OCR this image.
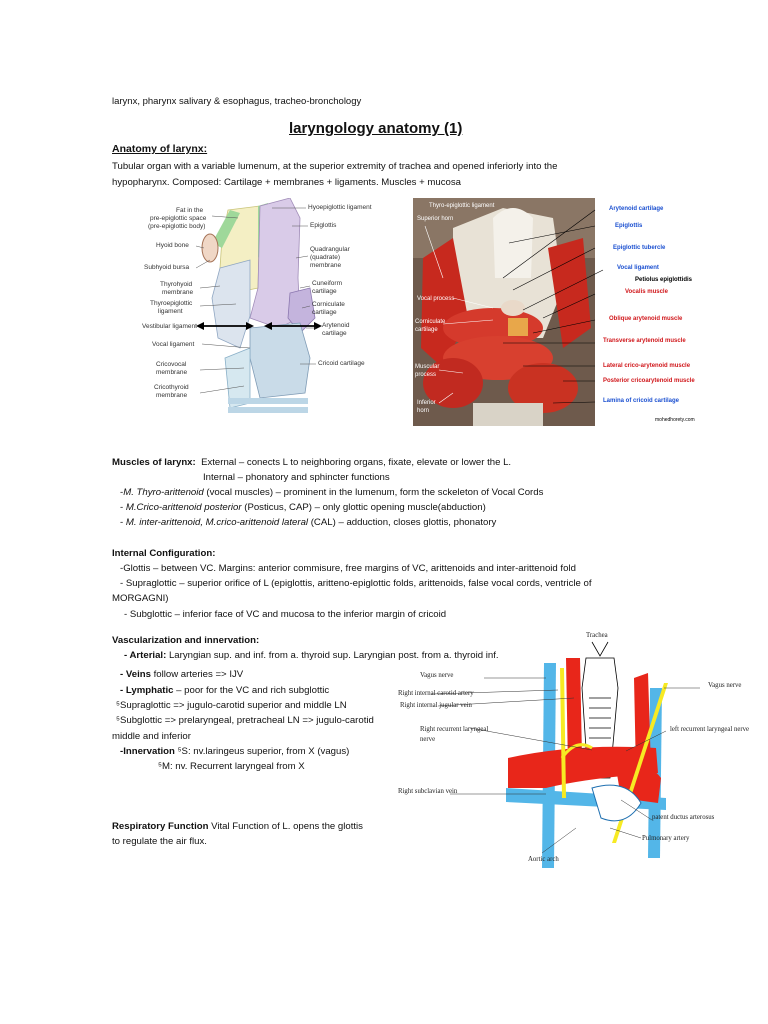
larynx, pharynx salivary & esophagus, tracheo-bronchology
laryngology anatomy (1)
Anatomy of larynx:
Tubular organ with a variable lumenum, at the superior extremity of trachea and opened inferiorly into the
hypopharynx. Composed: Cartilage + membranes + ligaments. Muscles + mucosa
Fat in the
pre-epiglottic space
(pre-epiglottic body)
Hyoid bone
Subhyoid bursa
Thyrohyoid
membrane
Thyroepiglottic
ligament
Vestibular ligament
Vocal ligament
Cricovocal
membrane
Cricothyroid
membrane
Hyoepiglottic ligament
Epiglottis
Quadrangular
(quadrate)
membrane
Cuneiform
cartilage
Corniculate
cartilage
Arytenoid
cartilage
Cricoid cartilage
Thyro-epiglottic ligament
Superior horn
Vocal process
Corniculate
cartilage
Muscular
process
Inferior
horn
Arytenoid cartilage
Epiglottis
Epiglottic tubercle
Vocal ligament
Petiolus epiglottidis
Vocalis muscle
Oblique arytenoid muscle
Transverse arytenoid muscle
Lateral crico-arytenoid muscle
Posterior cricoarytenoid muscle
Lamina of cricoid cartilage
mohedhorety.com
Muscles of larynx: External – conects L to neighboring organs, fixate, elevate or lower the L.
Internal – phonatory and sphincter functions
-M. Thyro-arittenoid (vocal muscles) – prominent in the lumenum, form the sckeleton of Vocal Cords
- M.Crico-arittenoid posterior (Posticus, CAP) – only glottic opening muscle(abduction)
- M. inter-arittenoid, M.crico-arittenoid lateral (CAL) – adduction, closes glottis, phonatory
Internal Configuration:
-Glottis – between VC. Margins: anterior commisure, free margins of VC, arittenoids and inter-arittenoid fold
- Supraglottic – superior orifice of L (epiglottis, aritteno-epiglottic folds, arittenoids, false vocal cords, ventricle of
MORGAGNI)
- Subglottic – inferior face of VC and mucosa to the inferior margin of cricoid
Vascularization and innervation:
- Arterial: Laryngian sup. and inf. from a. thyroid sup. Laryngian post. from a. thyroid inf.
- Veins follow arteries => IJV
- Lymphatic – poor for the VC and rich subglottic
⁵Supraglottic => jugulo-carotid superior and middle LN
⁵Subglottic => prelaryngeal, pretracheal LN => jugulo-carotid
middle and inferior
-Innervation ⁵S: nv.laringeus superior, from X (vagus)
⁵M: nv. Recurrent laryngeal from X
Respiratory Function Vital Function of L. opens the glottis
to regulate the air flux.
Trachea
Vagus nerve
Vagus nerve
Right internal carotid artery
Right internal jugular vein
Right recurrent laryngeal
nerve
left recurrent laryngeal nerve
Right subclavian vein
patent ductus arterosus
Pulmonary artery
Aortic arch
